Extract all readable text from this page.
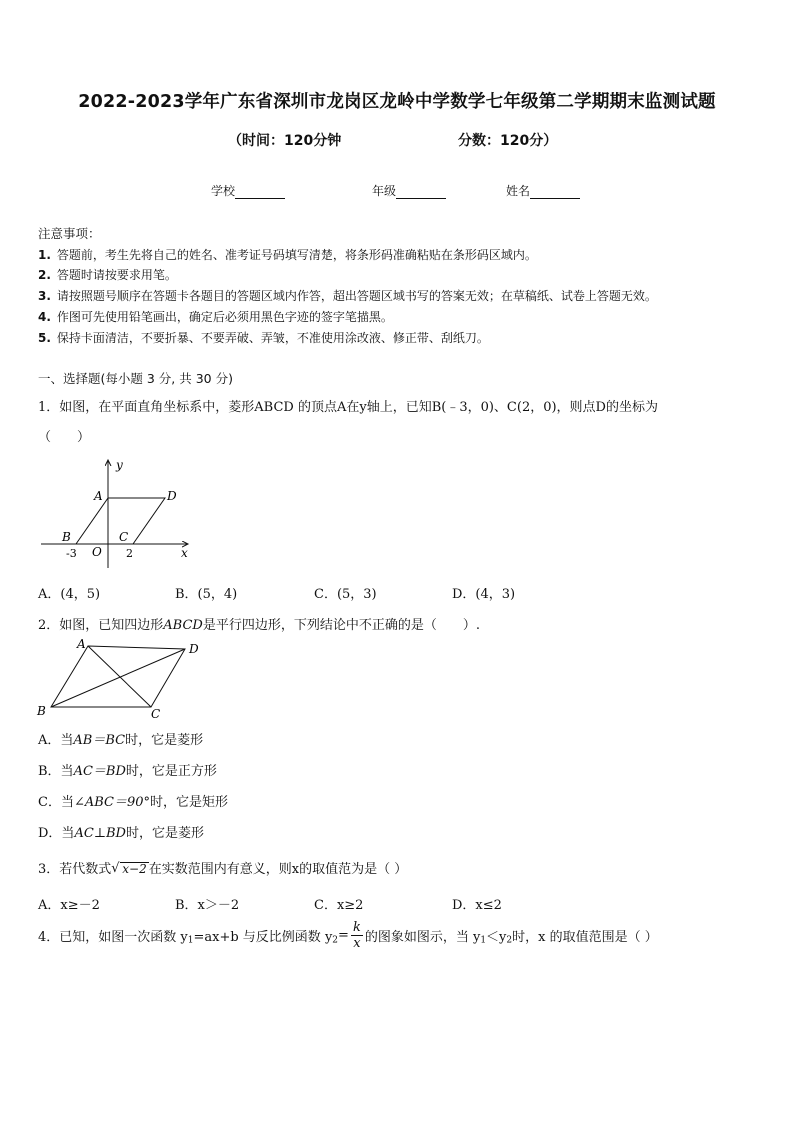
2022-2023学年广东省深圳市龙岗区龙岭中学数学七年级第二学期期末监测试题
（时间：120分钟	分数：120分）
学校	年级	姓名
注意事项：
1. 答题前，考生先将自己的姓名、准考证号码填写清楚，将条形码准确粘贴在条形码区域内。
2. 答题时请按要求用笔。
3. 请按照题号顺序在答题卡各题目的答题区域内作答，超出答题区域书写的答案无效；在草稿纸、试卷上答题无效。
4. 作图可先使用铅笔画出，确定后必须用黑色字迹的签字笔描黑。
5. 保持卡面清洁，不要折暴、不要弄破、弄皱，不准使用涂改液、修正带、刮纸刀。
一、选择题(每小题 3 分, 共 30 分)
1．如图，在平面直角坐标系中，菱形ABCD 的顶点A在y轴上，已知B(﹣3，0)、C(2，0)，则点D的坐标为
（　　）
y
x
O
A	D
B	C
-3	2
A．(4，5)	B．(5，4)	C．(5，3)	D．(4，3)
2．如图，已知四边形ABCD是平行四边形，下列结论中不正确的是（　　）.
A	D
B	C
A．当AB＝BC时，它是菱形
B．当AC＝BD时，它是正方形
C．当∠ABC＝90°时，它是矩形
D．当AC⊥BD时，它是菱形
3．若代数式√ x−2 在实数范围内有意义，则x的取值范为是（ ）
A．x≥－2	B．x＞－2	C．x≥2	D．x≤2
4．已知，如图一次函数 $y_1=ax+b$ 与反比例函数 $y_2= \frac{k}{x}$ 的图象如图示，当 $y_1<y_2$时，x 的取值范围是（ ）
